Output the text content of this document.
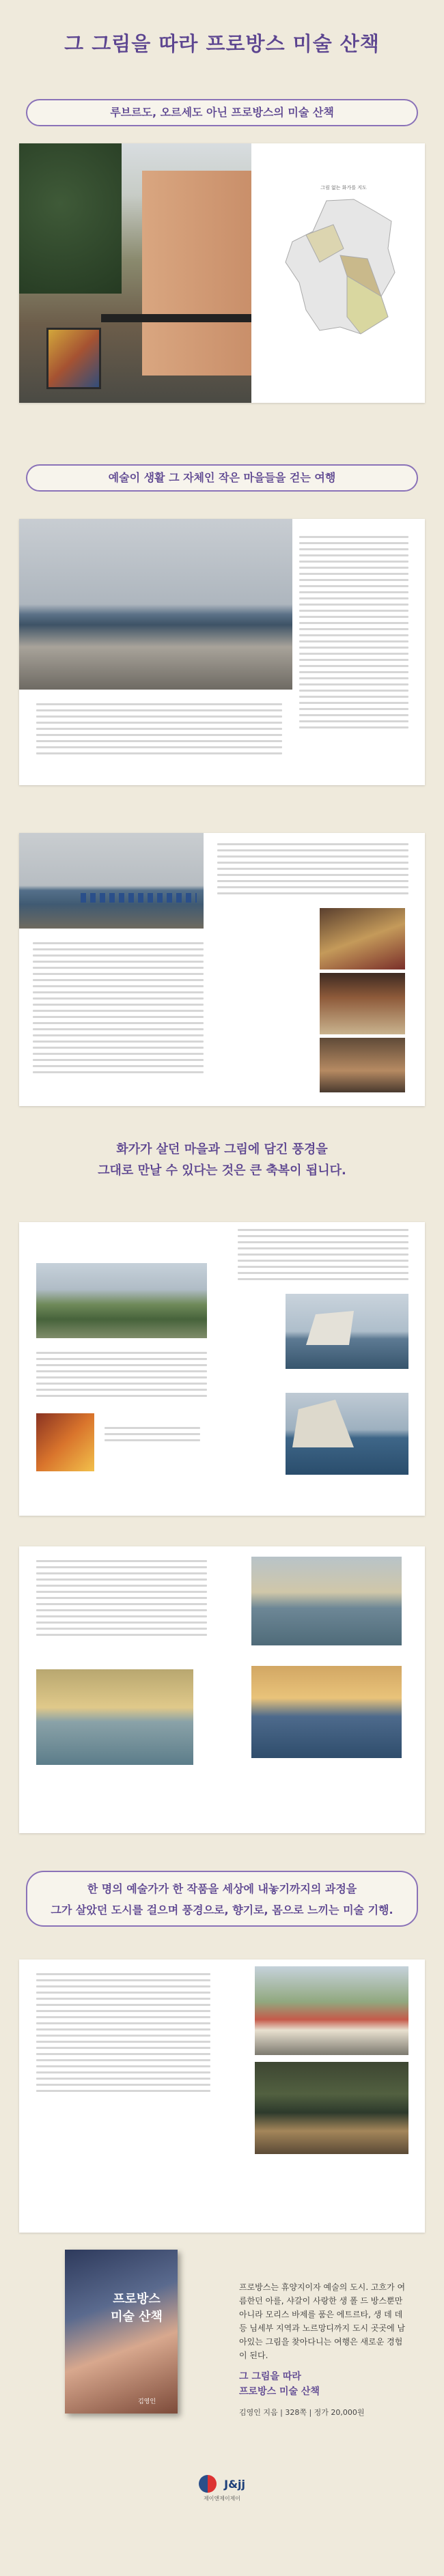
그 그림을 따라 프로방스 미술 산책
루브르도, 오르세도 아닌 프로방스의 미술 산책
그림 없는 화가를 지도
예술이 생활 그 자체인 작은 마을들을 걷는 여행
화가가 살던 마을과 그림에 담긴 풍경을
그대로 만날 수 있다는 것은 큰 축복이 됩니다.
한 명의 예술가가 한 작품을 세상에 내놓기까지의 과정을
그가 살았던 도시를 걸으며 풍경으로, 향기로, 몸으로 느끼는 미술 기행.
프로방스 미술 산책
김영인
프로방스는 휴양지이자 예술의 도시. 고흐가 여름한던 아를, 샤갈이 사랑한 생 폴 드 방스뿐만 아니라 모리스 바제를 품은 에트르타, 생 데 데 등 님세부 지역과 노르망디까지 도시 곳곳에 남아있는 그림을 찾아다니는 여행은 새로운 경험이 된다.
그 그림을 따라
프로방스 미술 산책
김영인 지음 | 328쪽 | 정가 20,000원
J&jj
제이앤제이제이
